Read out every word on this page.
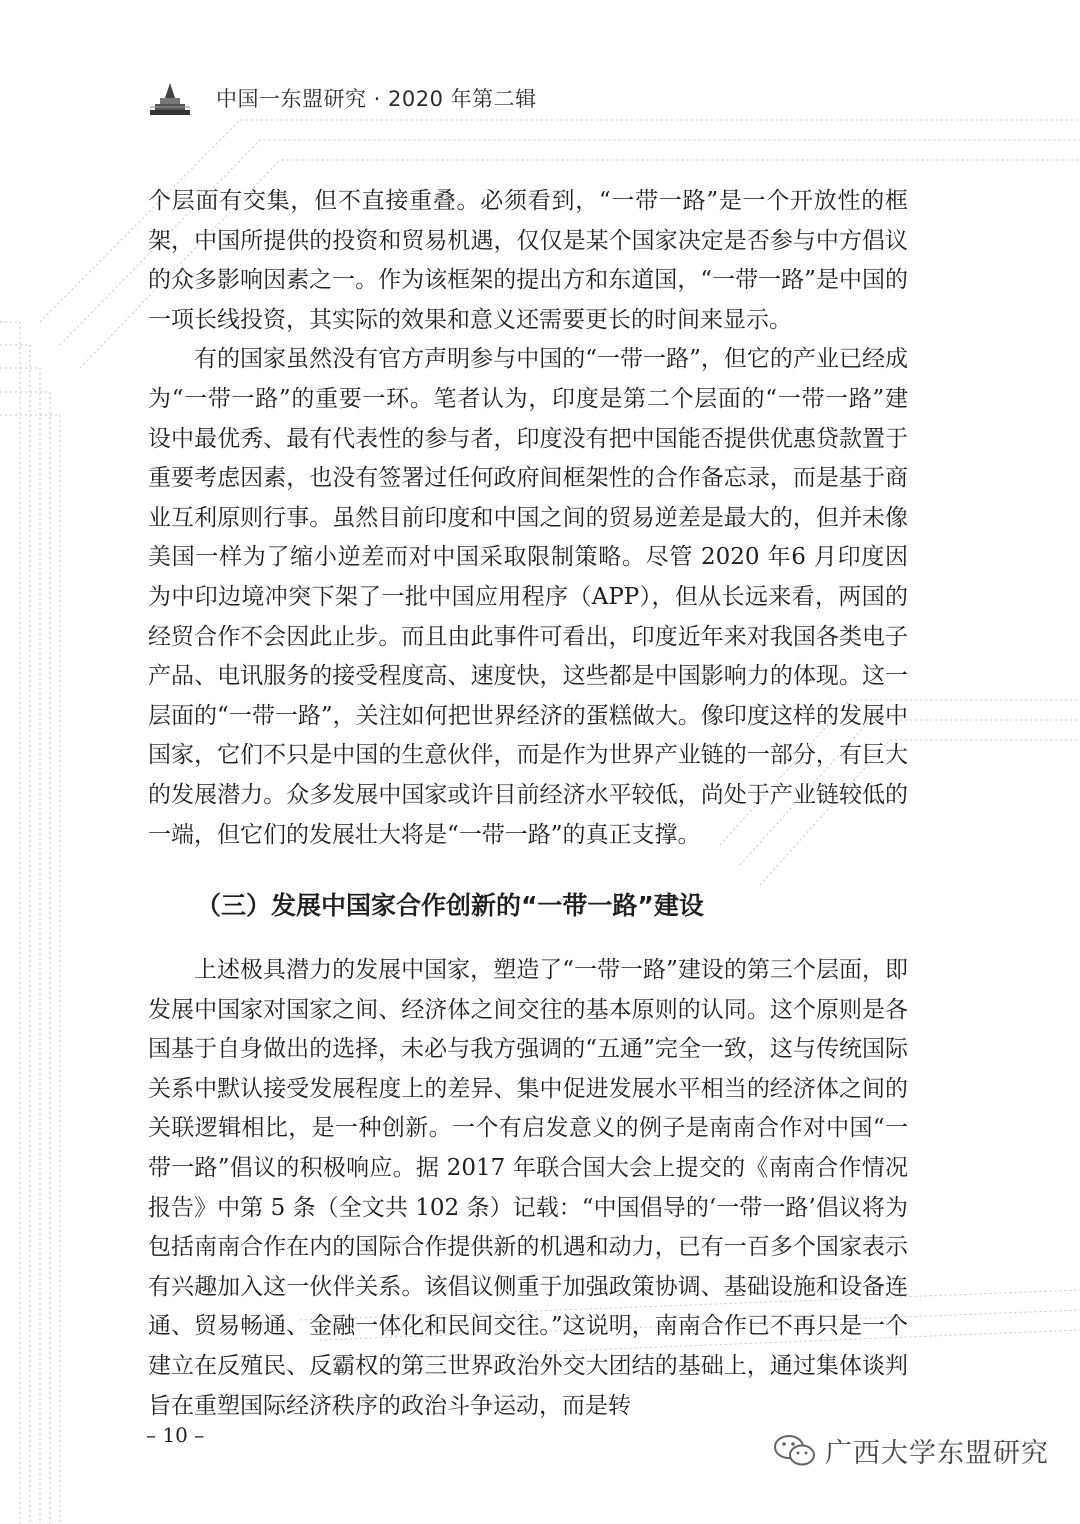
中国一东盟研究 · 2020 年第二辑

个层面有交集，但不直接重叠。必须看到，“一带一路”是一个开放性的框架，中国所提供的投资和贸易机遇，仅仅是某个国家决定是否参与中方倡议的众多影响因素之一。作为该框架的提出方和东道国，“一带一路”是中国的一项长线投资，其实际的效果和意义还需要更长的时间来显示。

有的国家虽然没有官方声明参与中国的“一带一路”，但它的产业已经成为“一带一路”的重要一环。笔者认为，印度是第二个层面的“一带一路”建设中最优秀、最有代表性的参与者，印度没有把中国能否提供优惠贷款置于重要考虑因素，也没有签署过任何政府间框架性的合作备忘录，而是基于商业互利原则行事。虽然目前印度和中国之间的贸易逆差是最大的，但并未像美国一样为了缩小逆差而对中国采取限制策略。尽管 2020 年6 月印度因为中印边境冲突下架了一批中国应用程序（APP），但从长远来看，两国的经贸合作不会因此止步。而且由此事件可看出，印度近年来对我国各类电子产品、电讯服务的接受程度高、速度快，这些都是中国影响力的体现。这一层面的“一带一路”，关注如何把世界经济的蛋糕做大。像印度这样的发展中国家，它们不只是中国的生意伙伴，而是作为世界产业链的一部分，有巨大的发展潜力。众多发展中国家或许目前经济水平较低，尚处于产业链较低的一端，但它们的发展壮大将是“一带一路”的真正支撑。

（三）发展中国家合作创新的“一带一路”建设

上述极具潜力的发展中国家，塑造了“一带一路”建设的第三个层面，即发展中国家对国家之间、经济体之间交往的基本原则的认同。这个原则是各国基于自身做出的选择，未必与我方强调的“五通”完全一致，这与传统国际关系中默认接受发展程度上的差异、集中促进发展水平相当的经济体之间的关联逻辑相比，是一种创新。一个有启发意义的例子是南南合作对中国“一带一路”倡议的积极响应。据 2017 年联合国大会上提交的《南南合作情况报告》中第 5 条（全文共 102 条）记载：“中国倡导的‘一带一路’倡议将为包括南南合作在内的国际合作提供新的机遇和动力，已有一百多个国家表示有兴趣加入这一伙伴关系。该倡议侧重于加强政策协调、基础设施和设备连通、贸易畅通、金融一体化和民间交往。”这说明，南南合作已不再只是一个建立在反殖民、反霸权的第三世界政治外交大团结的基础上，通过集体谈判旨在重塑国际经济秩序的政治斗争运动，而是转

– 10 –
广西大学东盟研究
